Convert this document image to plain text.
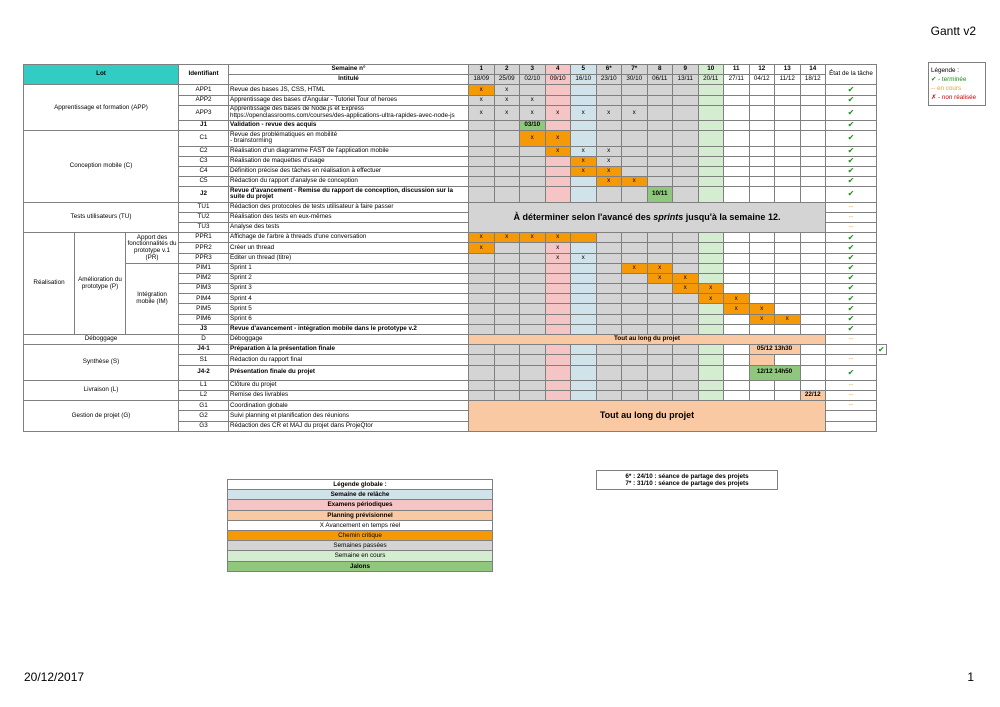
Gantt v2
Lot			Identifiant	Semaine n°	1	2	3	4	5	6*	7*	8	9	10	11	12	13	14	État de la tâche	
				Intitulé	18/09	25/09	02/10	09/10	16/10	23/10	30/10	06/11	13/11	20/11	27/11	04/12	11/12	18/12		
Apprentissage et formation (APP)			APP1	Revue des bases JS, CSS, HTML	x	x													✔	
			APP2	Apprentissage des bases d'Angular - Tutoriel Tour of heroes	x	x	x												✔	
			APP3	Apprentissage des bases de Node.js et Express
https://openclassrooms.com/courses/des-applications-ultra-rapides-avec-node-js	x	x	x	x	x	x	x								✔	
			J1	Validation - revue des acquis			03/10												✔	
Conception mobile (C)			C1	Revue des problématiques en mobilité
- brainstorming			x	x											✔	
			C2	Réalisation d'un diagramme FAST de l'application mobile				x	x	x									✔	
			C3	Réalisation de maquettes d'usage					x	x									✔	
			C4	Définition précise des tâches en réalisation à effectuer					x	x									✔	
			C5	Rédaction du rapport d'analyse de conception						x	x								✔	
			J2	Revue d'avancement - Remise du rapport de conception, discussion sur la
suite du projet								10/11							✔	
Tests utilisateurs (TU)			TU1	Rédaction des protocoles de tests utilisateur à faire passer	À déterminer selon l'avancé des sprints jusqu'à la semaine 12.														--	
			TU2	Réalisation des tests en eux-mêmes															--	
			TU3	Analyse des tests															--	
Réalisation	Amélioration du prototype (P)	Apport des fonctionnalités du prototype v.1 (PR)	PPR1	Affichage de l'arbre à threads d'une conversation	x	x	x	x											✔	
			PPR2	Créer un thread	x			x											✔	
			PPR3	Éditer un thread (titre)				x	x										✔	
		Intégration mobile (IM)	PIM1	Sprint 1							x	x							✔	
			PIM2	Sprint 2								x	x						✔	
			PIM3	Sprint 3									x	x					✔	
			PIM4	Sprint 4										x	x				✔	
			PIM5	Sprint 5											x	x			✔	
			PIM6	Sprint 6												x	x		✔	
			J3	Revue d'avancement - intégration mobile dans le prototype v.2															✔	
Déboggage			D	Déboggage	Tout au long du projet														--	
Synthèse (S)			J4-1	Préparation à la présentation finale												05/12 13h30				✔
			S1	Rédaction du rapport final															--	
			J4-2	Présentation finale du projet												12/12 14h50			✔	
Livraison (L)			L1	Clôture du projet															--	
			L2	Remise des livrables														22/12	--	
Gestion de projet (G)			G1	Coordination globale	Tout au long du projet														--	
			G2	Suivi planning et planification des réunions																

			G3	Rédaction des CR et MAJ du projet dans ProjeQtor																

Légende :
✔ - terminée
-- en cours
✗ - non réalisée
Légende globale :
Semaine de relâche
Examens périodiques
Planning prévisionnel
X Avancement en temps réel
Chemin critique
Semaines passées
Semaine en cours
Jalons
6* : 24/10 : séance de partage des projets
7* : 31/10 : séance de partage des projets
20/12/2017	1
